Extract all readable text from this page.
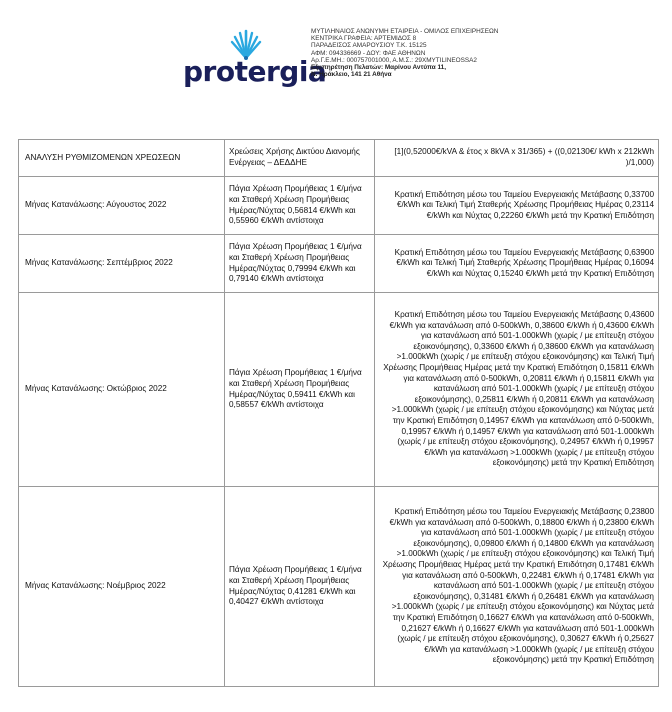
protergia
ΜΥΤΙΛΗΝΑΙΟΣ ΑΝΩΝΥΜΗ ΕΤΑΙΡΕΙΑ - ΟΜΙΛΟΣ ΕΠΙΧΕΙΡΗΣΕΩΝ
ΚΕΝΤΡΙΚΑ ΓΡΑΦΕΙΑ: ΑΡΤΕΜΙΔΟΣ 8
ΠΑΡΑΔΕΙΣΟΣ ΑΜΑΡΟΥΣΙΟΥ Τ.Κ. 15125
ΑΦΜ: 094336669 - ΔΟΥ: ΦΑΕ ΑΘΗΝΩΝ
Αρ.Γ.Ε.ΜΗ.: 000757001000, Α.Μ.Σ.: 29XMYTILINEOSSA2
Εξυπηρέτηση Πελατών: Μαρίνου Αντύπα 11,
Ν. Ηράκλειο, 141 21 Αθήνα
ΑΝΑΛΥΣΗ ΡΥΘΜΙΖΟΜΕΝΩΝ ΧΡΕΩΣΕΩΝ	Χρεώσεις Χρήσης Δικτύου Διανομής Ενέργειας – ΔΕΔΔΗΕ	[1](0,52000€/kVA & έτος x 8kVA x 31/365) + ((0,02130€/ kWh x 212kWh )/1,000)
Μήνας Κατανάλωσης: Αύγουστος 2022	Πάγια Χρέωση Προμήθειας 1 €/μήνα και Σταθερή Χρέωση Προμήθειας Ημέρας/Νύχτας 0,56814 €/kWh και 0,55960 €/kWh αντίστοιχα	Κρατική Επιδότηση μέσω του Ταμείου Ενεργειακής Μετάβασης 0,33700 €/kWh και Τελική Τιμή Σταθερής Χρέωσης Προμήθειας Ημέρας 0,23114 €/kWh και Νύχτας 0,22260 €/kWh μετά την Κρατική Επιδότηση
Μήνας Κατανάλωσης: Σεπτέμβριος 2022	Πάγια Χρέωση Προμήθειας 1 €/μήνα και Σταθερή Χρέωση Προμήθειας Ημέρας/Νύχτας 0,79994 €/kWh και 0,79140 €/kWh αντίστοιχα	Κρατική Επιδότηση μέσω του Ταμείου Ενεργειακής Μετάβασης 0,63900 €/kWh και Τελική Τιμή Σταθερής Χρέωσης Προμήθειας Ημέρας 0,16094 €/kWh και Νύχτας 0,15240 €/kWh μετά την Κρατική Επιδότηση
Μήνας Κατανάλωσης: Οκτώβριος 2022	Πάγια Χρέωση Προμήθειας 1 €/μήνα και Σταθερή Χρέωση Προμήθειας Ημέρας/Νύχτας 0,59411 €/kWh και 0,58557 €/kWh αντίστοιχα	Κρατική Επιδότηση μέσω του Ταμείου Ενεργειακής Μετάβασης 0,43600 €/kWh για κατανάλωση από 0-500kWh, 0,38600 €/kWh ή 0,43600 €/kWh για κατανάλωση από 501-1.000kWh (χωρίς / με επίτευξη στόχου εξοικονόμησης), 0,33600 €/kWh ή 0,38600 €/kWh για κατανάλωση >1.000kWh (χωρίς / με επίτευξη στόχου εξοικονόμησης) και Τελική Τιμή Χρέωσης Προμήθειας Ημέρας μετά την Κρατική Επιδότηση 0,15811 €/kWh για κατανάλωση από 0-500kWh, 0,20811 €/kWh ή 0,15811 €/kWh για κατανάλωση από 501-1.000kWh (χωρίς / με επίτευξη στόχου εξοικονόμησης), 0,25811 €/kWh ή 0,20811 €/kWh για κατανάλωση >1.000kWh (χωρίς / με επίτευξη στόχου εξοικονόμησης) και Νύχτας μετά την Κρατική Επιδότηση 0,14957 €/kWh για κατανάλωση από 0-500kWh, 0,19957 €/kWh ή 0,14957 €/kWh για κατανάλωση από 501-1.000kWh (χωρίς / με επίτευξη στόχου εξοικονόμησης), 0,24957 €/kWh ή 0,19957 €/kWh για κατανάλωση >1.000kWh (χωρίς / με επίτευξη στόχου εξοικονόμησης) μετά την Κρατική Επιδότηση
Μήνας Κατανάλωσης: Νοέμβριος 2022	Πάγια Χρέωση Προμήθειας 1 €/μήνα και Σταθερή Χρέωση Προμήθειας Ημέρας/Νύχτας 0,41281 €/kWh και 0,40427 €/kWh αντίστοιχα	Κρατική Επιδότηση μέσω του Ταμείου Ενεργειακής Μετάβασης 0,23800 €/kWh για κατανάλωση από 0-500kWh, 0,18800 €/kWh ή 0,23800 €/kWh για κατανάλωση από 501-1.000kWh (χωρίς / με επίτευξη στόχου εξοικονόμησης), 0,09800 €/kWh ή 0,14800 €/kWh για κατανάλωση >1.000kWh (χωρίς / με επίτευξη στόχου εξοικονόμησης) και Τελική Τιμή Χρέωσης Προμήθειας Ημέρας μετά την Κρατική Επιδότηση 0,17481 €/kWh για κατανάλωση από 0-500kWh, 0,22481 €/kWh ή 0,17481 €/kWh για κατανάλωση από 501-1.000kWh (χωρίς / με επίτευξη στόχου εξοικονόμησης), 0,31481 €/kWh ή 0,26481 €/kWh για κατανάλωση >1.000kWh (χωρίς / με επίτευξη στόχου εξοικονόμησης) και Νύχτας μετά την Κρατική Επιδότηση 0,16627 €/kWh για κατανάλωση από 0-500kWh, 0,21627 €/kWh ή 0,16627 €/kWh για κατανάλωση από 501-1.000kWh (χωρίς / με επίτευξη στόχου εξοικονόμησης), 0,30627 €/kWh ή 0,25627 €/kWh για κατανάλωση >1.000kWh (χωρίς / με επίτευξη στόχου εξοικονόμησης) μετά την Κρατική Επιδότηση
